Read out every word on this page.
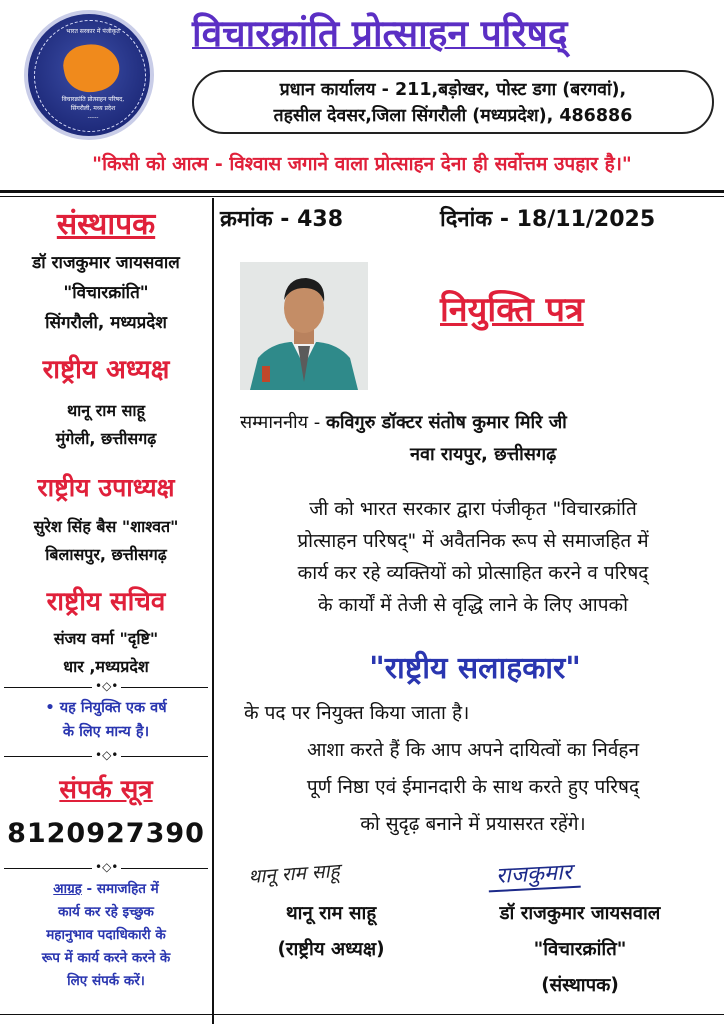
भारत सरकार में पंजीकृत
विचारक्रांति प्रोत्साहन परिषद,
सिंगरौली, मध्य प्रदेश
-----
विचारक्रांति प्रोत्साहन परिषद्
प्रधान कार्यालय - 211,बड़ोखर, पोस्ट डगा (बरगवां),
तहसील देवसर,जिला सिंगरौली (मध्यप्रदेश), 486886
"किसी को आत्म - विश्वास जगाने वाला प्रोत्साहन देना ही सर्वोत्तम उपहार है।"
संस्थापक
डॉ राजकुमार जायसवाल
"विचारक्रांति"
सिंगरौली, मध्यप्रदेश
राष्ट्रीय अध्यक्ष
थानू राम साहू
मुंगेली, छत्तीसगढ़
राष्ट्रीय उपाध्यक्ष
सुरेश सिंह बैस "शाश्वत"
बिलासपुर, छत्तीसगढ़
राष्ट्रीय सचिव
संजय वर्मा "दृष्टि"
धार ,मध्यप्रदेश
•◇•
• यह नियुक्ति एक वर्ष
के लिए मान्य है।
•◇•
संपर्क सूत्र
8120927390
•◇•
आग्रह - समाजहित में
कार्य कर रहे इच्छुक
महानुभाव पदाधिकारी के
रूप में कार्य करने करने के
लिए संपर्क करें।
क्रमांक - 438	दिनांक - 18/11/2025
नियुक्ति पत्र
सम्माननीय - कविगुरु डॉक्टर संतोष कुमार मिरि जी
नवा रायपुर, छत्तीसगढ़
जी को भारत सरकार द्वारा पंजीकृत "विचारक्रांति
प्रोत्साहन परिषद्" में अवैतनिक रूप से समाजहित में
कार्य कर रहे व्यक्तियों को प्रोत्साहित करने व परिषद्
के कार्यों में तेजी से वृद्धि लाने के लिए आपको
"राष्ट्रीय सलाहकार"
के पद पर नियुक्त किया जाता है।
आशा करते हैं कि आप अपने दायित्वों का निर्वहन
पूर्ण निष्ठा एवं ईमानदारी के साथ करते हुए परिषद्
को सुदृढ़ बनाने में प्रयासरत रहेंगे।
थानू राम साहू	राजकुमार
थानू राम साहू
(राष्ट्रीय अध्यक्ष)
डॉ राजकुमार जायसवाल
"विचारक्रांति"
(संस्थापक)
